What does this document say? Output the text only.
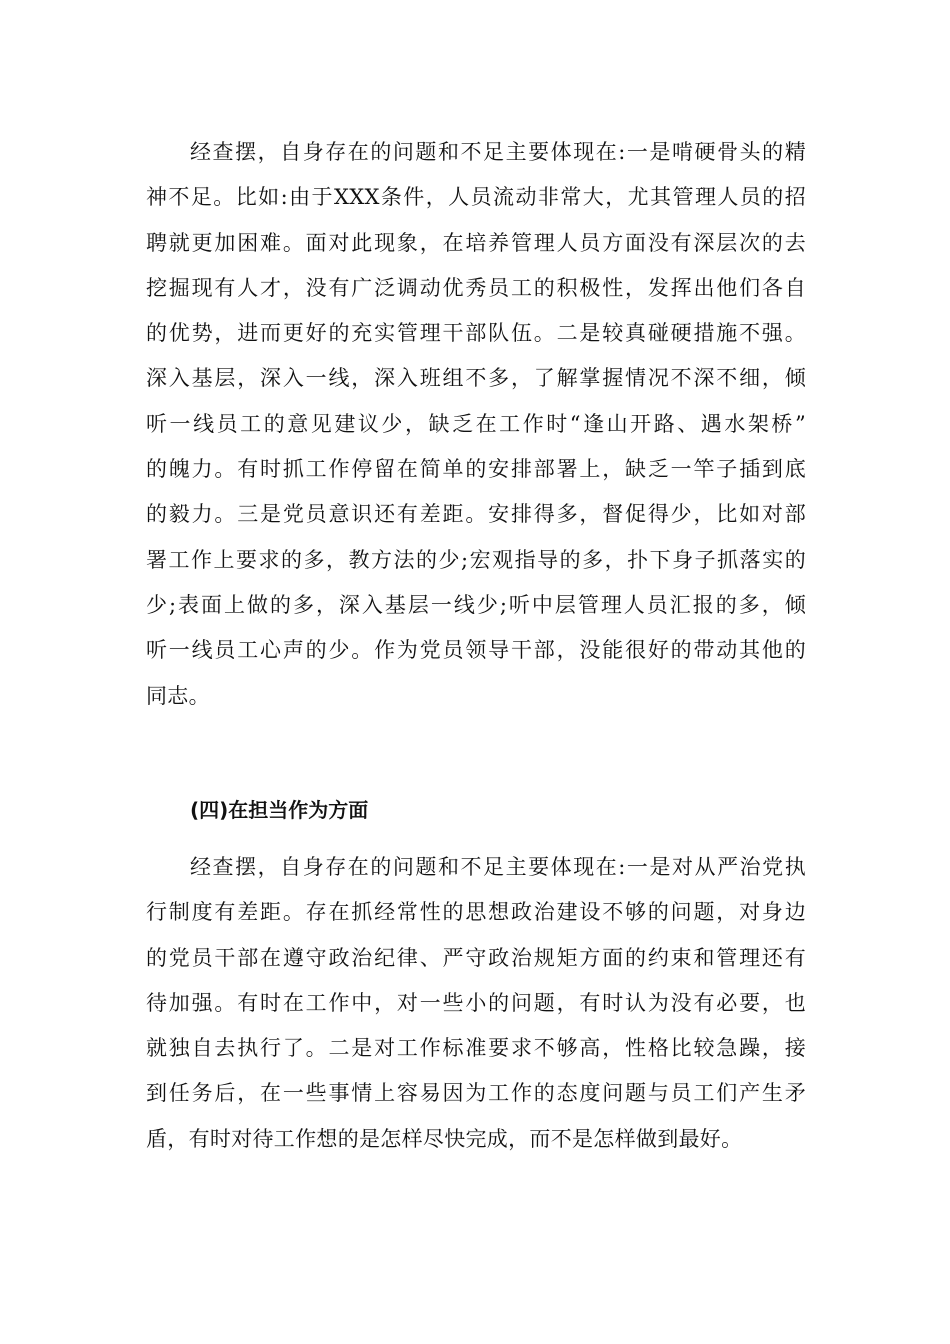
经查摆，自身存在的问题和不足主要体现在:一是啃硬骨头的精
神不足。比如:由于XXX条件，人员流动非常大，尤其管理人员的招
聘就更加困难。面对此现象，在培养管理人员方面没有深层次的去
挖掘现有人才，没有广泛调动优秀员工的积极性，发挥出他们各自
的优势，进而更好的充实管理干部队伍。二是较真碰硬措施不强。
深入基层，深入一线，深入班组不多，了解掌握情况不深不细，倾
听一线员工的意见建议少，缺乏在工作时“逢山开路、遇水架桥”
的魄力。有时抓工作停留在简单的安排部署上，缺乏一竿子插到底
的毅力。三是党员意识还有差距。安排得多，督促得少，比如对部
署工作上要求的多，教方法的少;宏观指导的多，扑下身子抓落实的
少;表面上做的多，深入基层一线少;听中层管理人员汇报的多，倾
听一线员工心声的少。作为党员领导干部，没能很好的带动其他的
同志。
(四)在担当作为方面
经查摆，自身存在的问题和不足主要体现在:一是对从严治党执
行制度有差距。存在抓经常性的思想政治建设不够的问题，对身边
的党员干部在遵守政治纪律、严守政治规矩方面的约束和管理还有
待加强。有时在工作中，对一些小的问题，有时认为没有必要，也
就独自去执行了。二是对工作标准要求不够高，性格比较急躁，接
到任务后，在一些事情上容易因为工作的态度问题与员工们产生矛
盾，有时对待工作想的是怎样尽快完成，而不是怎样做到最好。
